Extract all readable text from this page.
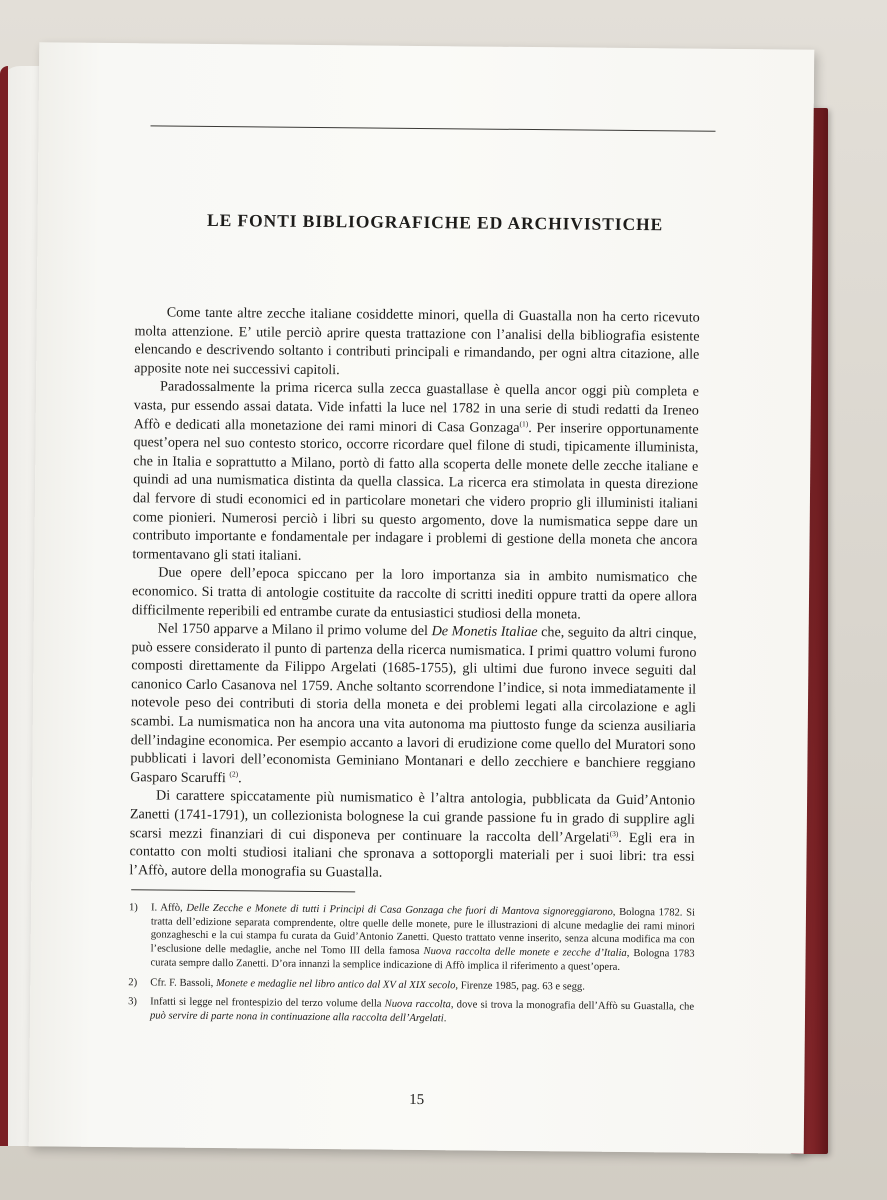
LE FONTI BIBLIOGRAFICHE ED ARCHIVISTICHE

Come tante altre zecche italiane cosiddette minori, quella di Guastalla non ha certo ricevuto molta attenzione. E’ utile perciò aprire questa trattazione con l’analisi della bibliografia esistente elencando e descrivendo soltanto i contributi principali e rimandando, per ogni altra citazione, alle apposite note nei successivi capitoli.

Paradossalmente la prima ricerca sulla zecca guastallase è quella ancor oggi più completa e vasta, pur essendo assai datata. Vide infatti la luce nel 1782 in una serie di studi redatti da Ireneo Affò e dedicati alla monetazione dei rami minori di Casa Gonzaga$^{(1)}$. Per inserire opportunamente quest’opera nel suo contesto storico, occorre ricordare quel filone di studi, tipicamente illuminista, che in Italia e soprattutto a Milano, portò di fatto alla scoperta delle monete delle zecche italiane e quindi ad una numismatica distinta da quella classica. La ricerca era stimolata in questa direzione dal fervore di studi economici ed in particolare monetari che videro proprio gli illuministi italiani come pionieri. Numerosi perciò i libri su questo argomento, dove la numismatica seppe dare un contributo importante e fondamentale per indagare i problemi di gestione della moneta che ancora tormentavano gli stati italiani.

Due opere dell’epoca spiccano per la loro importanza sia in ambito numismatico che economico. Si tratta di antologie costituite da raccolte di scritti inediti oppure tratti da opere allora difficilmente reperibili ed entrambe curate da entusiastici studiosi della moneta.

Nel 1750 apparve a Milano il primo volume del De Monetis Italiae che, seguito da altri cinque, può essere considerato il punto di partenza della ricerca numismatica. I primi quattro volumi furono composti direttamente da Filippo Argelati (1685-1755), gli ultimi due furono invece seguiti dal canonico Carlo Casanova nel 1759. Anche soltanto scorrendone l’indice, si nota immediatamente il notevole peso dei contributi di storia della moneta e dei problemi legati alla circolazione e agli scambi. La numismatica non ha ancora una vita autonoma ma piuttosto funge da scienza ausiliaria dell’indagine economica. Per esempio accanto a lavori di erudizione come quello del Muratori sono pubblicati i lavori dell’economista Geminiano Montanari e dello zecchiere e banchiere reggiano Gasparo Scaruffi $^{(2)}$.

Di carattere spiccatamente più numismatico è l’altra antologia, pubblicata da Guid’Antonio Zanetti (1741-1791), un collezionista bolognese la cui grande passione fu in grado di supplire agli scarsi mezzi finanziari di cui disponeva per continuare la raccolta dell’Argelati$^{(3)}$. Egli era in contatto con molti studiosi italiani che spronava a sottoporgli materiali per i suoi libri: tra essi l’Affò, autore della monografia su Guastalla.

1) I. Affò, Delle Zecche e Monete di tutti i Principi di Casa Gonzaga che fuori di Mantova signoreggiarono, Bologna 1782. Si tratta dell’edizione separata comprendente, oltre quelle delle monete, pure le illustrazioni di alcune medaglie dei rami minori gonzagheschi e la cui stampa fu curata da Guid’Antonio Zanetti. Questo trattato venne inserito, senza alcuna modifica ma con l’esclusione delle medaglie, anche nel Tomo III della famosa Nuova raccolta delle monete e zecche d’Italia, Bologna 1783 curata sempre dallo Zanetti. D’ora innanzi la semplice indicazione di Affò implica il riferimento a quest’opera.
2) Cfr. F. Bassoli, Monete e medaglie nel libro antico dal XV al XIX secolo, Firenze 1985, pag. 63 e segg.
3) Infatti si legge nel frontespizio del terzo volume della Nuova raccolta, dove si trova la monografia dell’Affò su Guastalla, che può servire di parte nona in continuazione alla raccolta dell’Argelati.
15
